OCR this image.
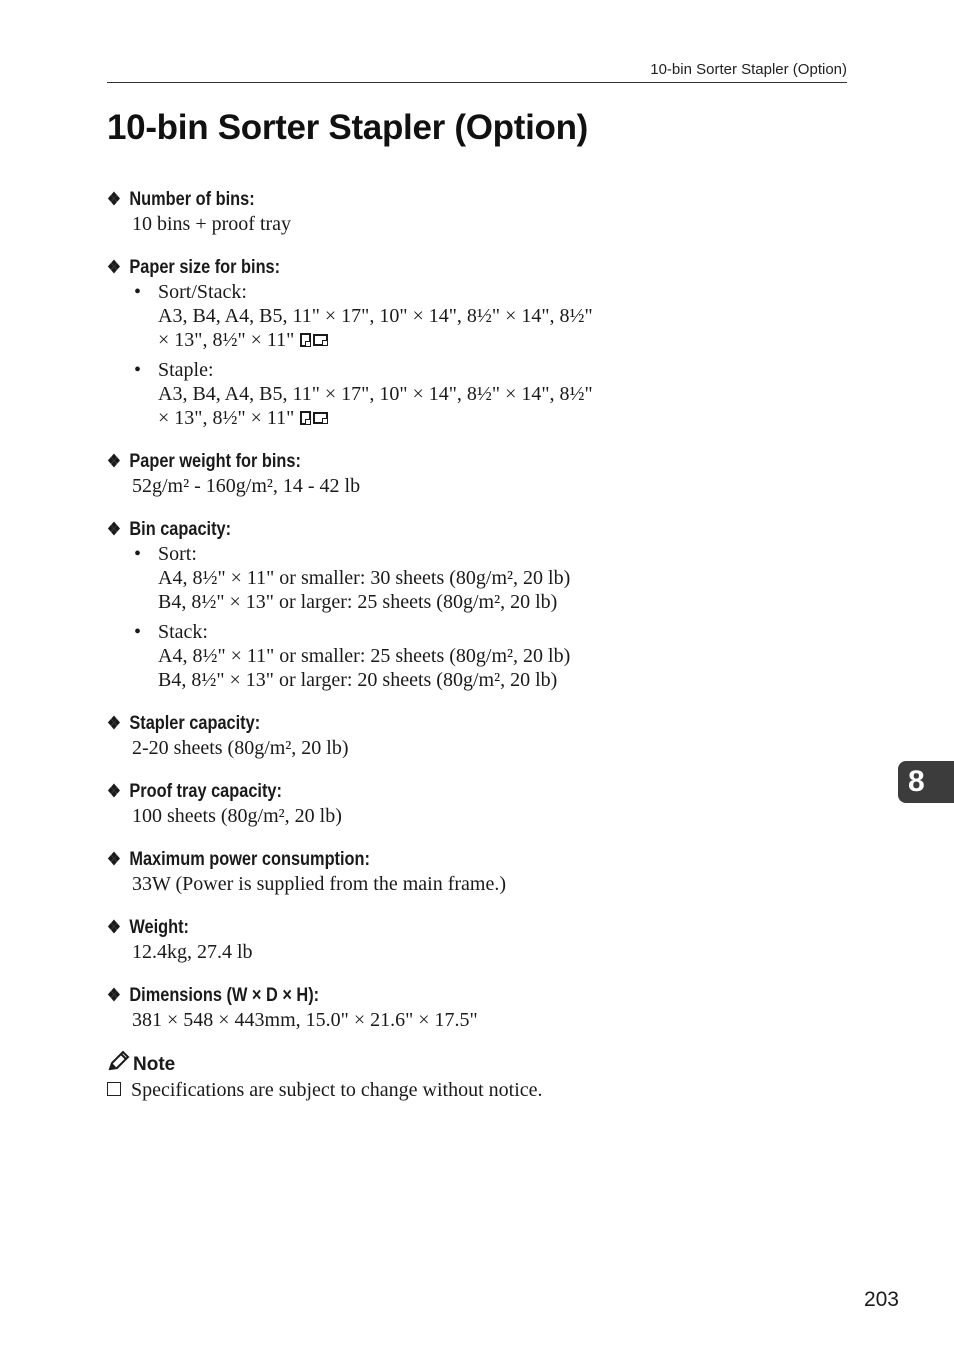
10-bin Sorter Stapler (Option)
10-bin Sorter Stapler (Option)
❖ Number of bins:
10 bins + proof tray
❖ Paper size for bins:
• Sort/Stack:
A3, B4, A4, B5, 11" × 17", 10" × 14", 8½" × 14", 8½"
× 13", 8½" × 11"
• Staple:
A3, B4, A4, B5, 11" × 17", 10" × 14", 8½" × 14", 8½"
× 13", 8½" × 11"
❖ Paper weight for bins:
52g/m² - 160g/m², 14 - 42 lb
❖ Bin capacity:
• Sort:
A4, 8½" × 11" or smaller: 30 sheets (80g/m², 20 lb)
B4, 8½" × 13" or larger: 25 sheets (80g/m², 20 lb)
• Stack:
A4, 8½" × 11" or smaller: 25 sheets (80g/m², 20 lb)
B4, 8½" × 13" or larger: 20 sheets (80g/m², 20 lb)
❖ Stapler capacity:
2-20 sheets (80g/m², 20 lb)
❖ Proof tray capacity:
100 sheets (80g/m², 20 lb)
❖ Maximum power consumption:
33W (Power is supplied from the main frame.)
❖ Weight:
12.4kg, 27.4 lb
❖ Dimensions (W × D × H):
381 × 548 × 443mm, 15.0" × 21.6" × 17.5"
Note
Specifications are subject to change without notice.
8
203
